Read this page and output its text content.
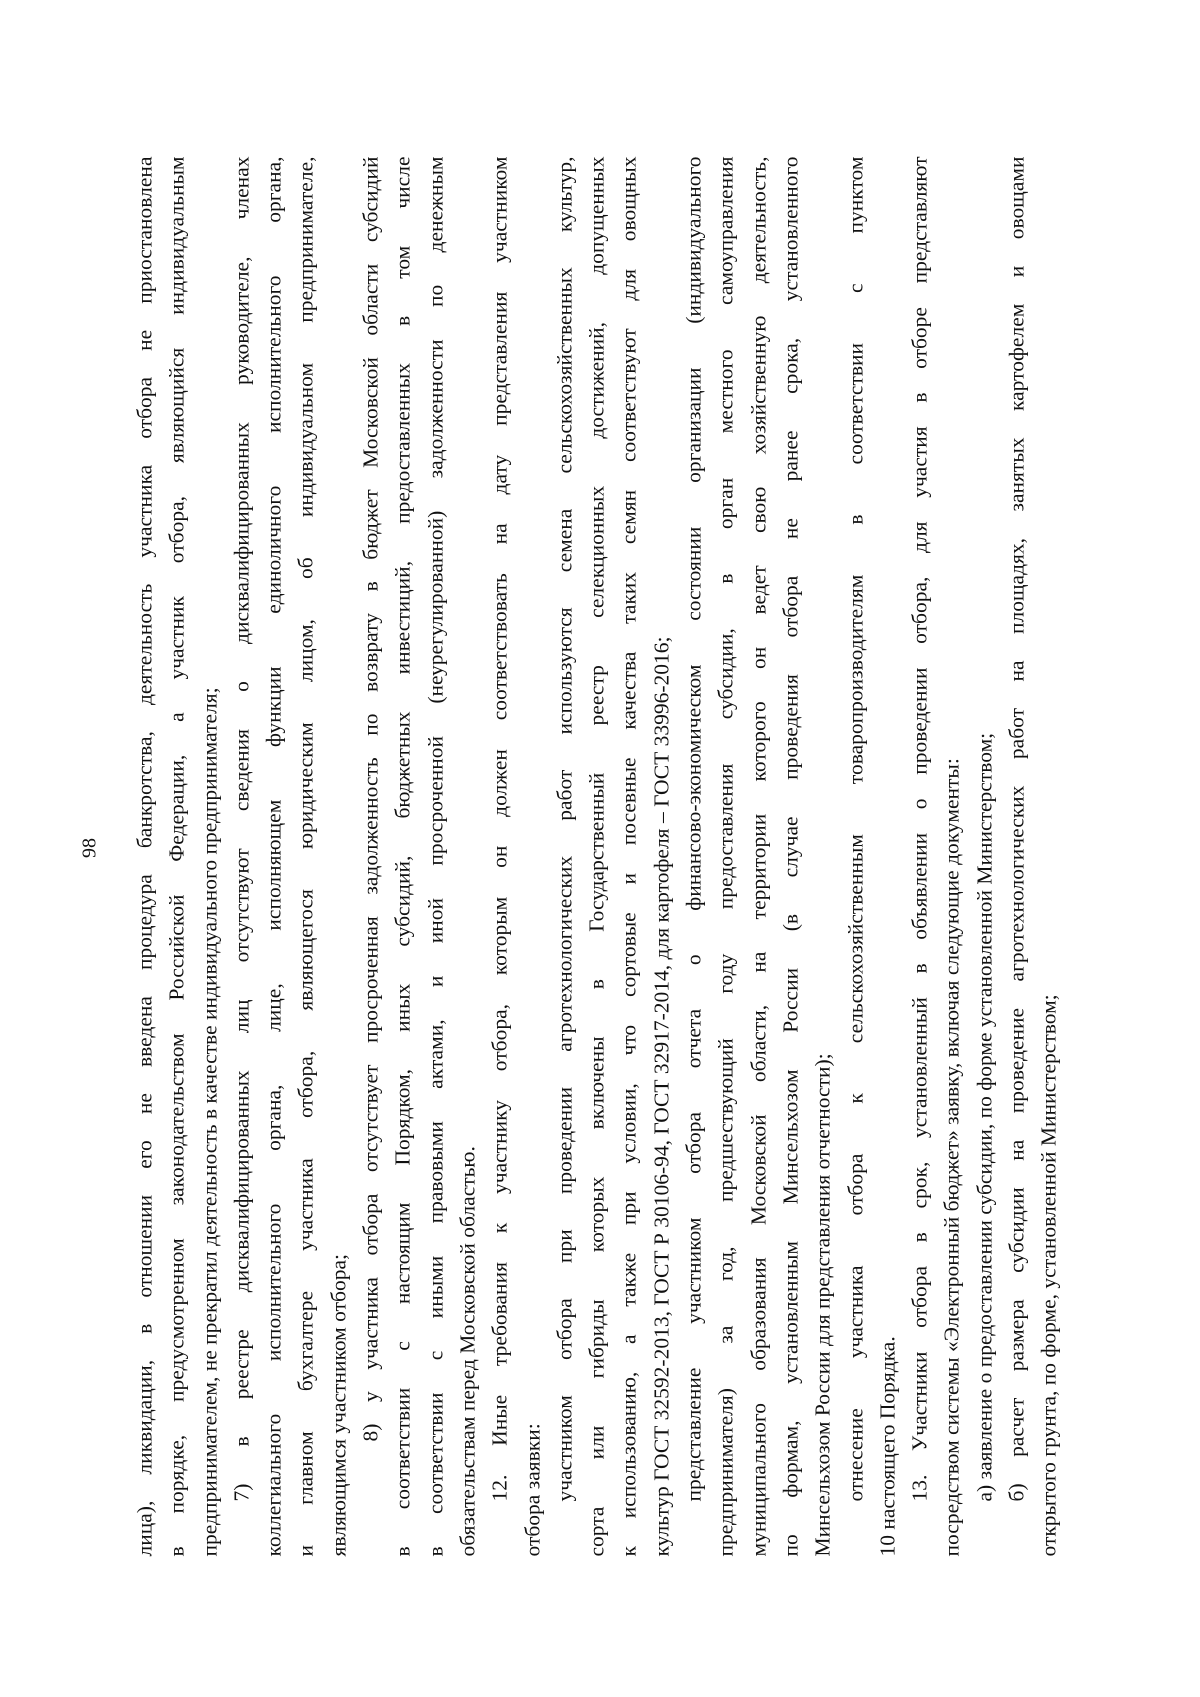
98 лица), ликвидации, в отношении его не введена процедура банкротства, деятельность участника отбора не приостановлена в порядке, предусмотренном законодательством Российской Федерации, а участник отбора, являющийся индивидуальным предпринимателем, не прекратил деятельность в качестве индивидуального предпринимателя; 7) в реестре дисквалифицированных лиц отсутствуют сведения о дисквалифицированных руководителе, членах коллегиального исполнительного органа, лице, исполняющем функции единоличного исполнительного органа, и главном бухгалтере участника отбора, являющегося юридическим лицом, об индивидуальном предпринимателе, являющимся участником отбора; 8) у участника отбора отсутствует просроченная задолженность по возврату в бюджет Московской области субсидий в соответствии с настоящим Порядком, иных субсидий, бюджетных инвестиций, предоставленных в том числе в соответствии с иными правовыми актами, и иной просроченной (неурегулированной) задолженности по денежным обязательствам перед Московской областью. 12. Иные требования к участнику отбора, которым он должен соответствовать на дату представления участником отбора заявки: участником отбора при проведении агротехнологических работ используются семена сельскохозяйственных культур, сорта или гибриды которых включены в Государственный реестр селекционных достижений, допущенных к использованию, а также при условии, что сортовые и посевные качества таких семян соответствуют для овощных культур ГОСТ 32592-2013, ГОСТ Р 30106-94, ГОСТ 32917-2014, для картофеля – ГОСТ 33996-2016; представление участником отбора отчета о финансово-экономическом состоянии организации (индивидуального предпринимателя) за год, предшествующий году предоставления субсидии, в орган местного самоуправления муниципального образования Московской области, на территории которого он ведет свою хозяйственную деятельность, по формам, установленным Минсельхозом России (в случае проведения отбора не ранее срока, установленного Минсельхозом России для представления отчетности); отнесение участника отбора к сельскохозяйственным товаропроизводителям в соответствии с пунктом 10 настоящего Порядка. 13. Участники отбора в срок, установленный в объявлении о проведении отбора, для участия в отборе представляют посредством системы «Электронный бюджет» заявку, включая следующие документы: а) заявление о предоставлении субсидии, по форме установленной Министерством; б) расчет размера субсидии на проведение агротехнологических работ на площадях, занятых картофелем и овощами открытого грунта, по форме, установленной Министерством;
